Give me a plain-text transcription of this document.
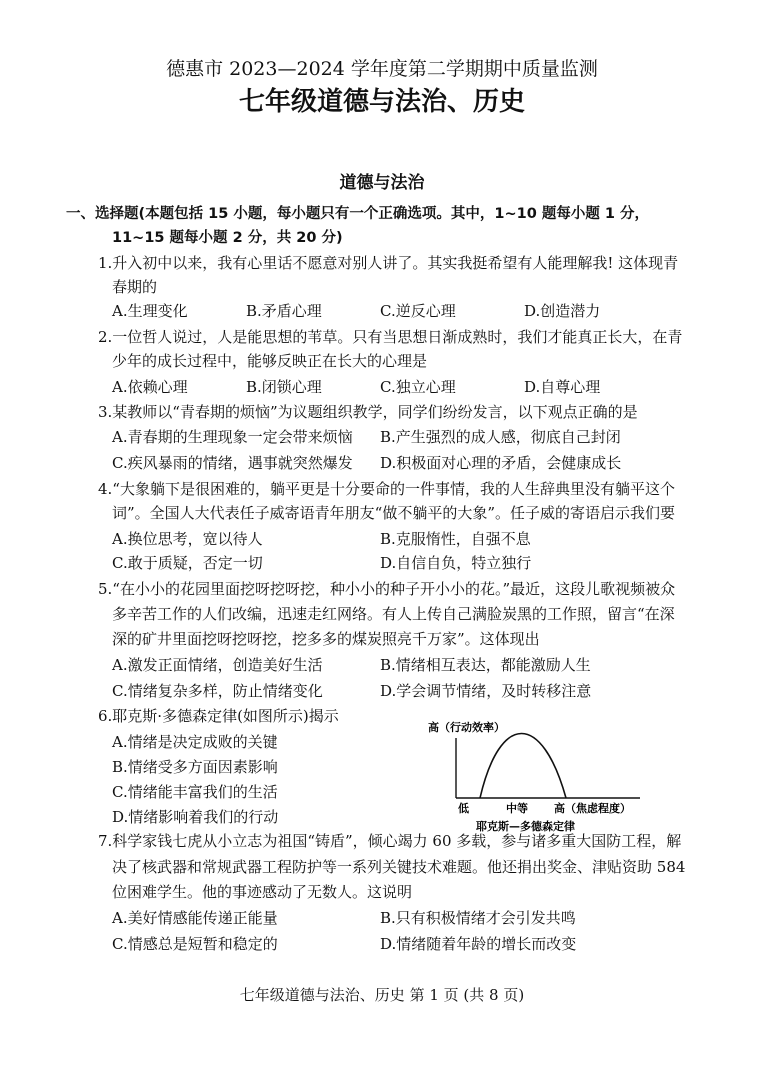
德惠市 2023—2024 学年度第二学期期中质量监测
七年级道德与法治、历史
道德与法治
一、选择题(本题包括 15 小题，每小题只有一个正确选项。其中，1~10 题每小题 1 分，
11~15 题每小题 2 分，共 20 分)
1.升入初中以来，我有心里话不愿意对别人讲了。其实我挺希望有人能理解我! 这体现青
春期的
A.生理变化	B.矛盾心理	C.逆反心理	D.创造潜力
2.一位哲人说过，人是能思想的苇草。只有当思想日渐成熟时，我们才能真正长大，在青
少年的成长过程中，能够反映正在长大的心理是
A.依赖心理	B.闭锁心理	C.独立心理	D.自尊心理
3.某教师以“青春期的烦恼”为议题组织教学，同学们纷纷发言，以下观点正确的是
A.青春期的生理现象一定会带来烦恼 B.产生强烈的成人感，彻底自己封闭
C.疾风暴雨的情绪，遇事就突然爆发 D.积极面对心理的矛盾，会健康成长
4.“大象躺下是很困难的，躺平更是十分要命的一件事情，我的人生辞典里没有躺平这个
词”。全国人大代表任子威寄语青年朋友“做不躺平的大象”。任子威的寄语启示我们要
A.换位思考，宽以待人	B.克服惰性，自强不息
C.敢于质疑，否定一切	D.自信自负，特立独行
5.“在小小的花园里面挖呀挖呀挖，种小小的种子开小小的花。”最近，这段儿歌视频被众
多辛苦工作的人们改编，迅速走红网络。有人上传自己满脸炭黑的工作照，留言“在深
深的矿井里面挖呀挖呀挖，挖多多的煤炭照亮千万家”。这体现出
A.激发正面情绪，创造美好生活	B.情绪相互表达，都能激励人生
C.情绪复杂多样，防止情绪变化	D.学会调节情绪，及时转移注意
6.耶克斯·多德森定律(如图所示)揭示
A.情绪是决定成败的关键
B.情绪受多方面因素影响
C.情绪能丰富我们的生活
D.情绪影响着我们的行动
高（行动效率）
低	中等 高（焦虑程度）
耶克斯—多德森定律
7.科学家钱七虎从小立志为祖国“铸盾”，倾心竭力 60 多载，参与诸多重大国防工程，解
决了核武器和常规武器工程防护等一系列关键技术难题。他还捐出奖金、津贴资助 584
位困难学生。他的事迹感动了无数人。这说明
A.美好情感能传递正能量	B.只有积极情绪才会引发共鸣
C.情感总是短暂和稳定的	D.情绪随着年龄的增长而改变
七年级道德与法治、历史 第 1 页 (共 8 页)
